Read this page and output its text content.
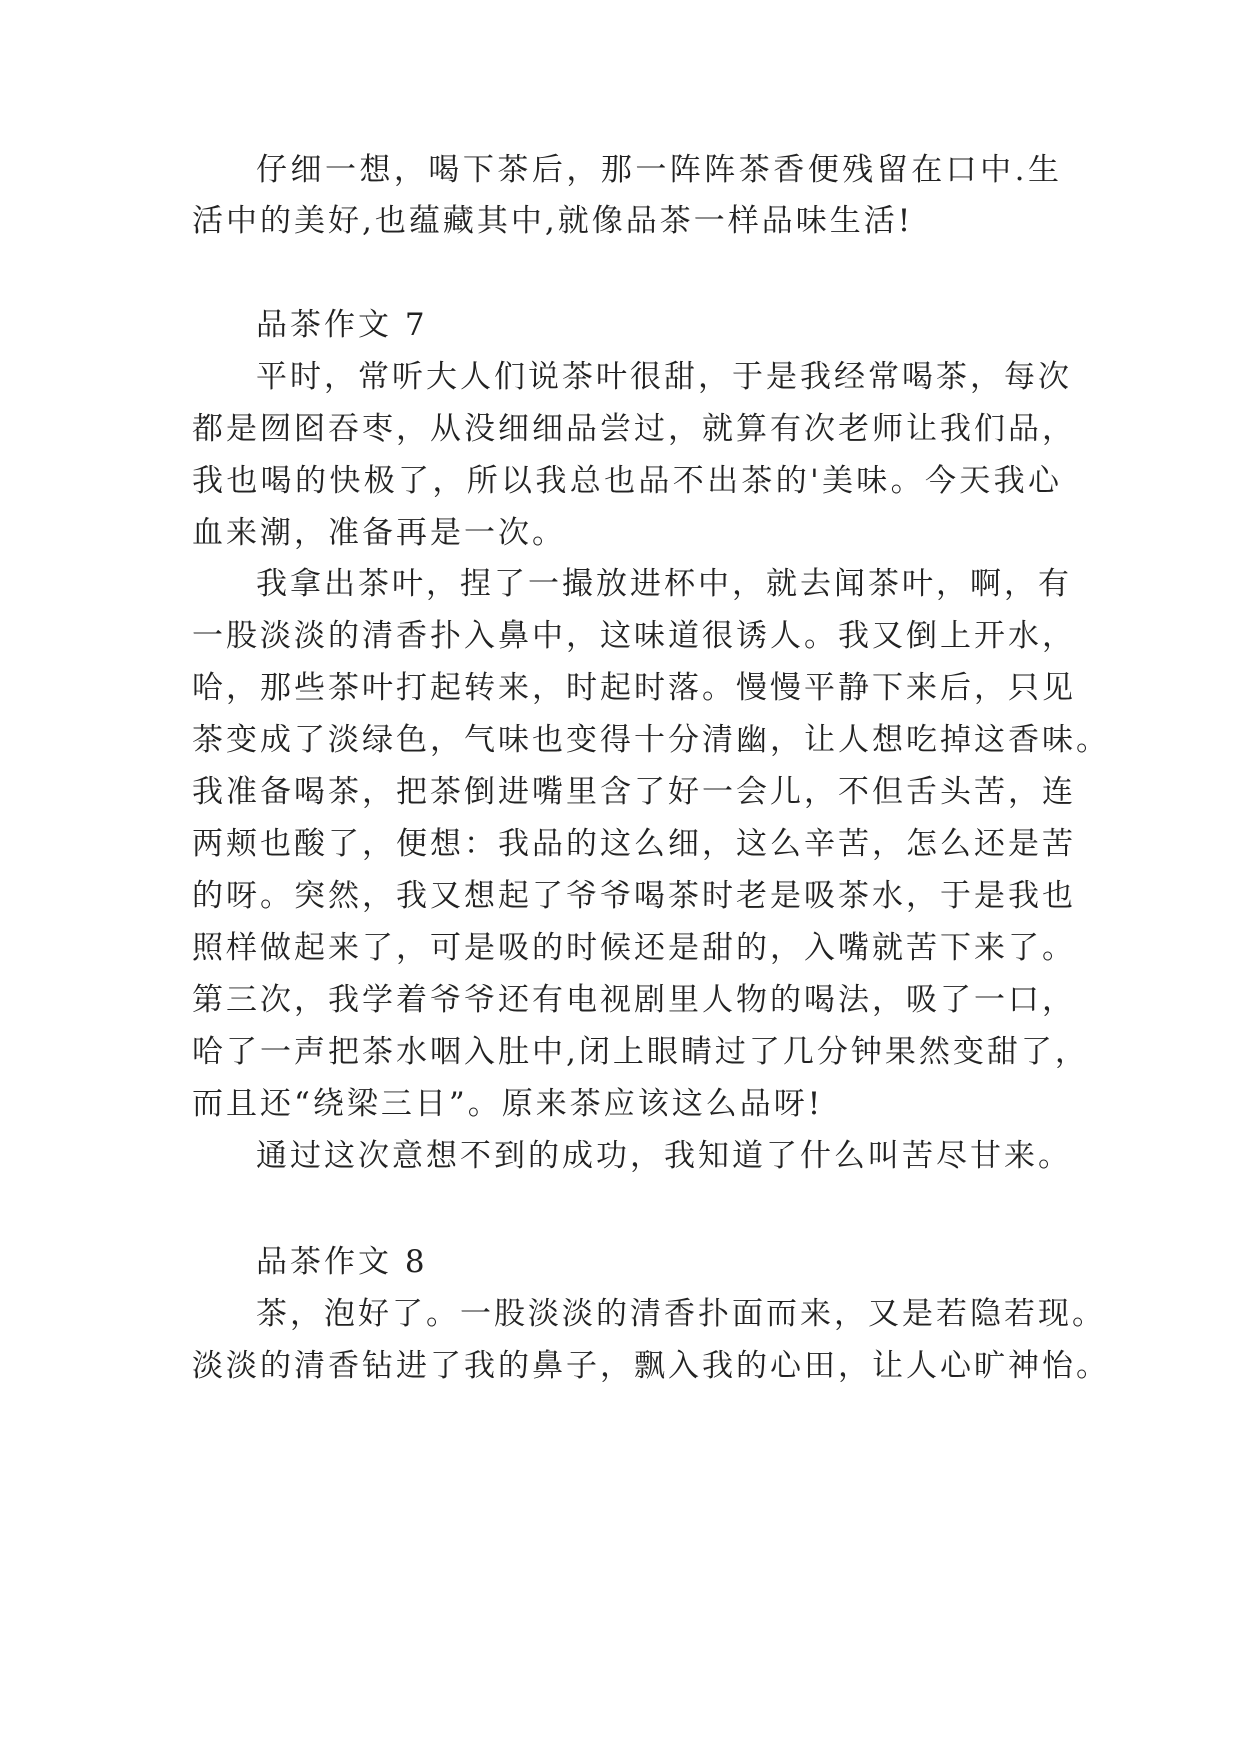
仔细一想，喝下茶后，那一阵阵茶香便残留在口中.生
活中的美好,也蕴藏其中,就像品茶一样品味生活!
品茶作文 7
平时，常听大人们说茶叶很甜，于是我经常喝茶，每次
都是囫囵吞枣，从没细细品尝过，就算有次老师让我们品，
我也喝的快极了，所以我总也品不出茶的'美味。今天我心
血来潮，准备再是一次。
我拿出茶叶，捏了一撮放进杯中，就去闻茶叶，啊，有
一股淡淡的清香扑入鼻中，这味道很诱人。我又倒上开水，
哈，那些茶叶打起转来，时起时落。慢慢平静下来后，只见
茶变成了淡绿色，气味也变得十分清幽，让人想吃掉这香味。
我准备喝茶，把茶倒进嘴里含了好一会儿，不但舌头苦，连
两颊也酸了，便想：我品的这么细，这么辛苦，怎么还是苦
的呀。突然，我又想起了爷爷喝茶时老是吸茶水，于是我也
照样做起来了，可是吸的时候还是甜的，入嘴就苦下来了。
第三次，我学着爷爷还有电视剧里人物的喝法，吸了一口，
哈了一声把茶水咽入肚中,闭上眼睛过了几分钟果然变甜了，
而且还“绕梁三日”。原来茶应该这么品呀!
通过这次意想不到的成功，我知道了什么叫苦尽甘来。
品茶作文 8
茶，泡好了。一股淡淡的清香扑面而来，又是若隐若现。
淡淡的清香钻进了我的鼻子，飘入我的心田，让人心旷神怡。
